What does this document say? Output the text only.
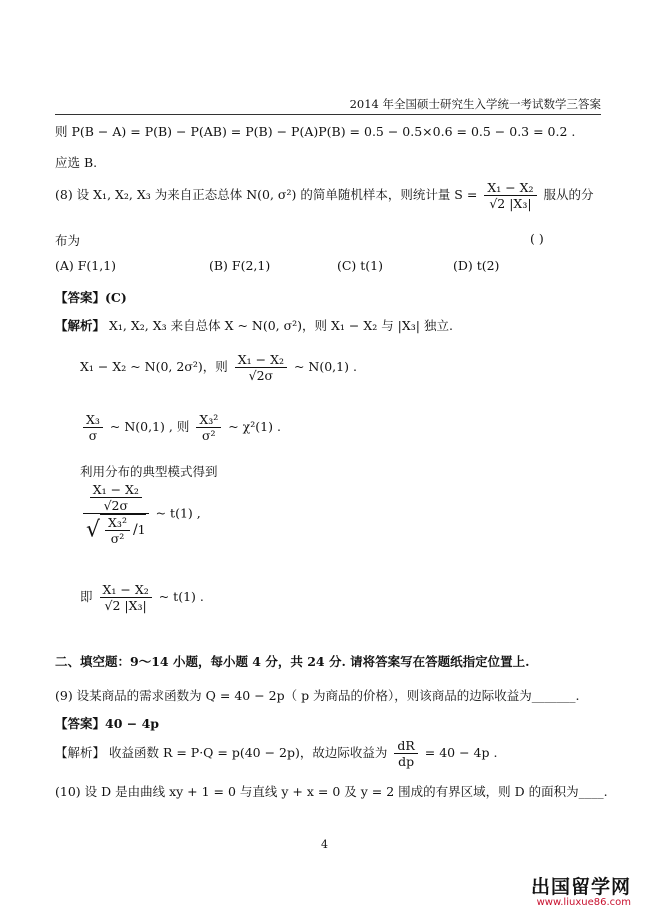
2014 年全国硕士研究生入学统一考试数学三答案
则 P(B − A) = P(B) − P(AB) = P(B) − P(A)P(B) = 0.5 − 0.5×0.6 = 0.5 − 0.3 = 0.2 .
应选 B.
(8) 设 X₁, X₂, X₃ 为来自正态总体 N(0, σ²) 的简单随机样本，则统计量 $S = \frac{\text{X₁ − X₂}}{\text{√2 |X₃|}}$ 服从的分
布为	( )
(A) F(1,1)	(B) F(2,1)	(C) t(1)	(D) t(2)
【答案】(C)
【解析】 X₁, X₂, X₃ 来自总体 X ~ N(0, σ²)，则 X₁ − X₂ 与 |X₃| 独立.
X₁ − X₂ ~ N(0, 2σ²)，则 $\frac{\text{X₁ − X₂}}{√2\sigma}$ ~ N(0,1) .
$\frac{\text{X₃}}{\sigma}$ ~ N(0,1) , 则 $\frac{\text{X₃²}}{\text{σ²}}$ ~ χ²(1) .
利用分布的典型模式得到
$\frac{\frac{\text{X₁ − X₂}}{√2\sigma}}{√ \frac{\text{X₃²}}{\text{σ²}} /1}$ ~ t(1) ,
即 $\frac{\text{X₁ − X₂}}{\text{√2 |X₃|}}$ ~ t(1) .
二、填空题：9～14 小题，每小题 4 分，共 24 分. 请将答案写在答题纸指定位置上.
(9) 设某商品的需求函数为 Q = 40 − 2p（ p 为商品的价格），则该商品的边际收益为_______.
【答案】40 − 4p
【解析】 收益函数 R = P·Q = p(40 − 2p)，故边际收益为 $\frac{dR}{dp} = 40 - 4p$ .
(10) 设 D 是由曲线 xy + 1 = 0 与直线 y + x = 0 及 y = 2 围成的有界区域，则 D 的面积为____.
4
出国留学网
www.liuxue86.com
